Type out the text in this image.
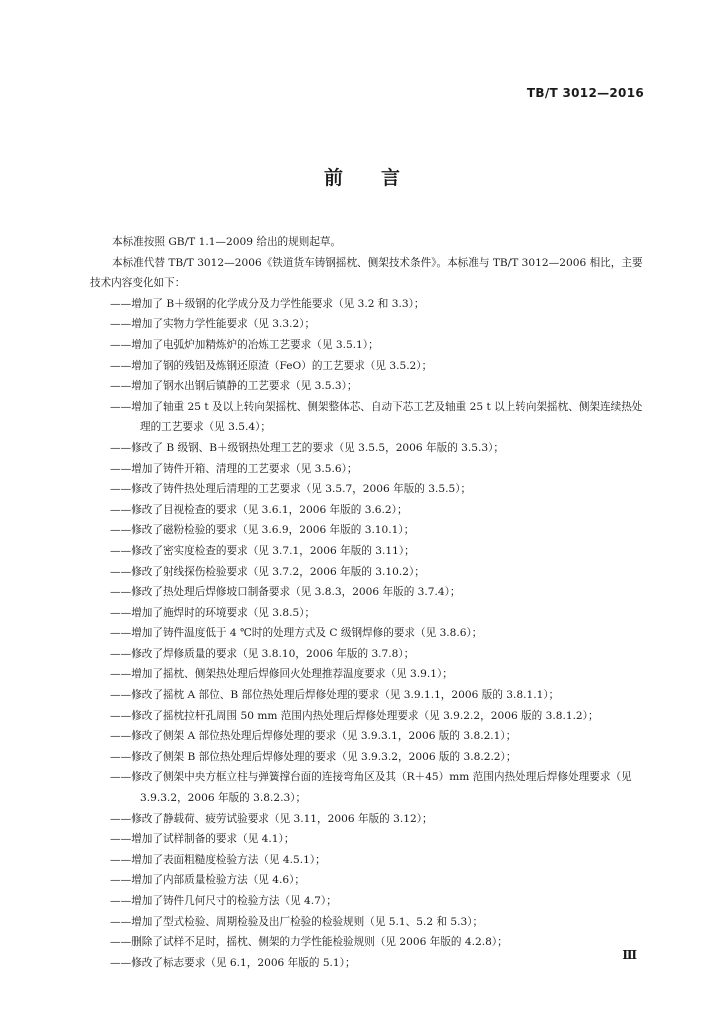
TB/T 3012—2016
前言

本标准按照 GB/T 1.1—2009 给出的规则起草。

本标准代替 TB/T 3012—2006《铁道货车铸钢摇枕、侧架技术条件》。本标准与 TB/T 3012—2006 相比，主要技术内容变化如下：

——增加了 B＋级钢的化学成分及力学性能要求（见 3.2 和 3.3）；
——增加了实物力学性能要求（见 3.3.2）；
——增加了电弧炉加精炼炉的冶炼工艺要求（见 3.5.1）；
——增加了钢的残铝及炼钢还原渣（FeO）的工艺要求（见 3.5.2）；
——增加了钢水出钢后镇静的工艺要求（见 3.5.3）；
——增加了轴重 25 t 及以上转向架摇枕、侧架整体芯、自动下芯工艺及轴重 25 t 以上转向架摇枕、侧架连续热处理的工艺要求（见 3.5.4）；
——修改了 B 级钢、B＋级钢热处理工艺的要求（见 3.5.5，2006 年版的 3.5.3）；
——增加了铸件开箱、清理的工艺要求（见 3.5.6）；
——修改了铸件热处理后清理的工艺要求（见 3.5.7，2006 年版的 3.5.5）；
——修改了目视检查的要求（见 3.6.1，2006 年版的 3.6.2）；
——修改了磁粉检验的要求（见 3.6.9，2006 年版的 3.10.1）；
——修改了密实度检查的要求（见 3.7.1，2006 年版的 3.11）；
——修改了射线探伤检验要求（见 3.7.2，2006 年版的 3.10.2）；
——修改了热处理后焊修坡口制备要求（见 3.8.3，2006 年版的 3.7.4）；
——增加了施焊时的环境要求（见 3.8.5）；
——增加了铸件温度低于 4 ℃时的处理方式及 C 级钢焊修的要求（见 3.8.6）；
——修改了焊修质量的要求（见 3.8.10，2006 年版的 3.7.8）；
——增加了摇枕、侧架热处理后焊修回火处理推荐温度要求（见 3.9.1）；
——修改了摇枕 A 部位、B 部位热处理后焊修处理的要求（见 3.9.1.1，2006 版的 3.8.1.1）；
——修改了摇枕拉杆孔周围 50 mm 范围内热处理后焊修处理要求（见 3.9.2.2，2006 版的 3.8.1.2）；
——修改了侧架 A 部位热处理后焊修处理的要求（见 3.9.3.1，2006 版的 3.8.2.1）；
——修改了侧架 B 部位热处理后焊修处理的要求（见 3.9.3.2，2006 版的 3.8.2.2）；
——修改了侧架中央方框立柱与弹簧撑台面的连接弯角区及其（R＋45）mm 范围内热处理后焊修处理要求（见 3.9.3.2，2006 年版的 3.8.2.3）；
——修改了静载荷、疲劳试验要求（见 3.11，2006 年版的 3.12）；
——增加了试样制备的要求（见 4.1）；
——增加了表面粗糙度检验方法（见 4.5.1）；
——增加了内部质量检验方法（见 4.6）；
——增加了铸件几何尺寸的检验方法（见 4.7）；
——增加了型式检验、周期检验及出厂检验的检验规则（见 5.1、5.2 和 5.3）；
——删除了试样不足时，摇枕、侧架的力学性能检验规则（见 2006 年版的 4.2.8）；
——修改了标志要求（见 6.1，2006 年版的 5.1）；
Ⅲ
